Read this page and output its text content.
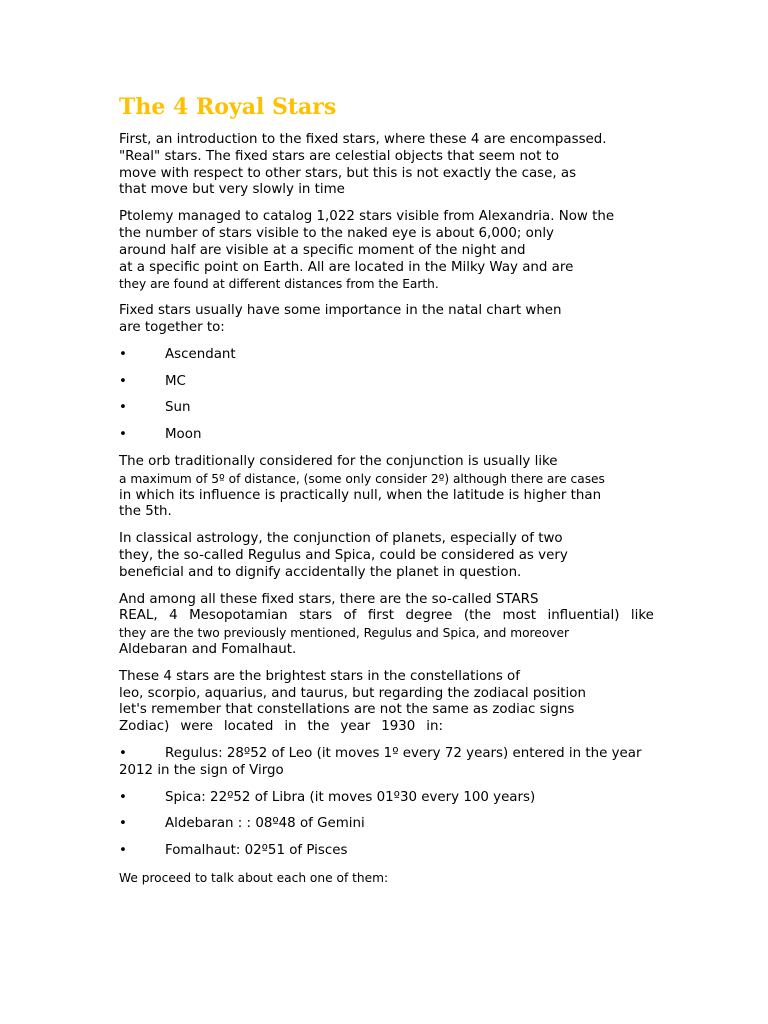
The 4 Royal Stars

First, an introduction to the fixed stars, where these 4 are encompassed.
"Real" stars. The fixed stars are celestial objects that seem not to
move with respect to other stars, but this is not exactly the case, as
that move but very slowly in time

Ptolemy managed to catalog 1,022 stars visible from Alexandria. Now the
the number of stars visible to the naked eye is about 6,000; only
around half are visible at a specific moment of the night and
at a specific point on Earth. All are located in the Milky Way and are
they are found at different distances from the Earth.

Fixed stars usually have some importance in the natal chart when
are together to:

•	Ascendant
•	MC
•	Sun
•	Moon

The orb traditionally considered for the conjunction is usually like
a maximum of 5º of distance, (some only consider 2º) although there are cases
in which its influence is practically null, when the latitude is higher than
the 5th.

In classical astrology, the conjunction of planets, especially of two
they, the so-called Regulus and Spica, could be considered as very
beneficial and to dignify accidentally the planet in question.

And among all these fixed stars, there are the so-called STARS
REAL, 4 Mesopotamian stars of first degree (the most influential) like
they are the two previously mentioned, Regulus and Spica, and moreover
Aldebaran and Fomalhaut.

These 4 stars are the brightest stars in the constellations of
leo, scorpio, aquarius, and taurus, but regarding the zodiacal position
let's remember that constellations are not the same as zodiac signs
Zodiac) were located in the year 1930 in:

•	Regulus: 28º52 of Leo (it moves 1º every 72 years) entered in the year
2012 in the sign of Virgo
•	Spica: 22º52 of Libra (it moves 01º30 every 100 years)
•	Aldebaran : : 08º48 of Gemini
•	Fomalhaut: 02º51 of Pisces

We proceed to talk about each one of them:
